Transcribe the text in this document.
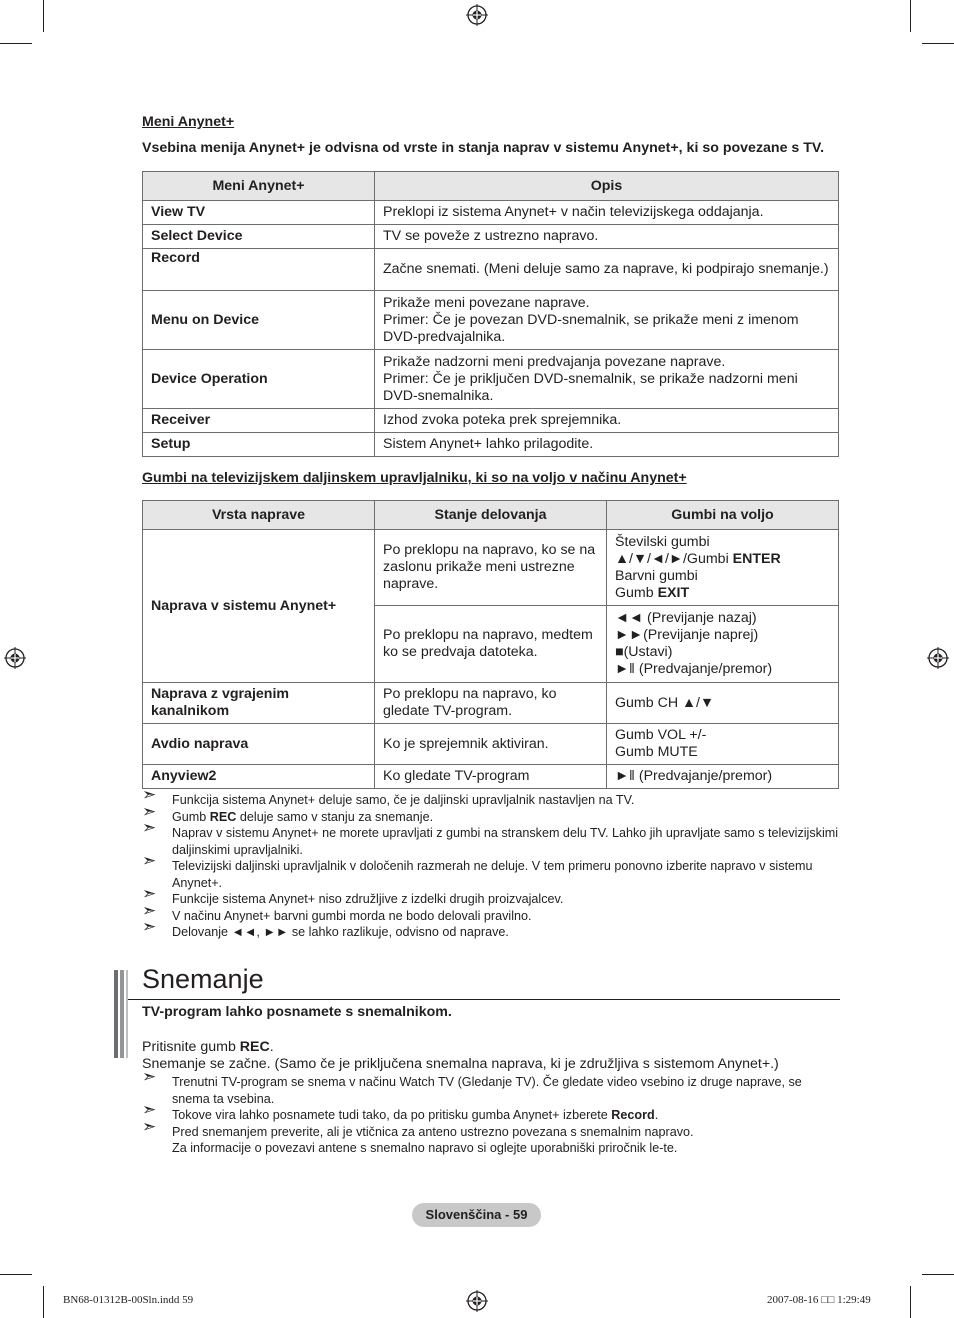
Meni Anynet+
Vsebina menija Anynet+ je odvisna od vrste in stanja naprav v sistemu Anynet+, ki so povezane s TV.
Meni Anynet+	Opis
View TV	Preklopi iz sistema Anynet+ v način televizijskega oddajanja.
Select Device	TV se poveže z ustrezno napravo.
Record	Začne snemati. (Meni deluje samo za naprave, ki podpirajo snemanje.)
Menu on Device	Prikaže meni povezane naprave.
Primer: Če je povezan DVD-snemalnik, se prikaže meni z imenom DVD-predvajalnika.

Device Operation	Prikaže nadzorni meni predvajanja povezane naprave.
Primer: Če je priključen DVD-snemalnik, se prikaže nadzorni meni DVD-snemalnika.

Receiver	Izhod zvoka poteka prek sprejemnika.
Setup	Sistem Anynet+ lahko prilagodite.
Gumbi na televizijskem daljinskem upravljalniku, ki so na voljo v načinu Anynet+
Vrsta naprave	Stanje delovanja	Gumbi na voljo
Naprava v sistemu Anynet+	Po preklopu na napravo, ko se na zaslonu prikaže meni ustrezne naprave.	Številski gumbi
▲/▼/◄/►/Gumbi ENTER
Barvni gumbi
Gumb EXIT

	Po preklopu na napravo, medtem ko se predvaja datoteka.	◄◄ (Previjanje nazaj)
►►(Previjanje naprej)
■(Ustavi)
►ǁ (Predvajanje/premor)

Naprava z vgrajenim kanalnikom	Po preklopu na napravo, ko gledate TV-program.	Gumb CH ▲/▼
Avdio naprava	Ko je sprejemnik aktiviran.	Gumb VOL +/-
Gumb MUTE

Anyview2	Ko gledate TV-program	►ǁ (Predvajanje/premor)
➣ Funkcija sistema Anynet+ deluje samo, če je daljinski upravljalnik nastavljen na TV.
➣ Gumb REC deluje samo v stanju za snemanje.
➣ Naprav v sistemu Anynet+ ne morete upravljati z gumbi na stranskem delu TV. Lahko jih upravljate samo s televizijskimi daljinskimi upravljalniki.
➣ Televizijski daljinski upravljalnik v določenih razmerah ne deluje. V tem primeru ponovno izberite napravo v sistemu Anynet+.
➣ Funkcije sistema Anynet+ niso združljive z izdelki drugih proizvajalcev.
➣ V načinu Anynet+ barvni gumbi morda ne bodo delovali pravilno.
➣ Delovanje ◄◄, ►► se lahko razlikuje, odvisno od naprave.
Snemanje
TV-program lahko posnamete s snemalnikom.
Pritisnite gumb REC.
Snemanje se začne. (Samo če je priključena snemalna naprava, ki je združljiva s sistemom Anynet+.)
➣ Trenutni TV-program se snema v načinu Watch TV (Gledanje TV). Če gledate video vsebino iz druge naprave, se snema ta vsebina.
➣ Tokove vira lahko posnamete tudi tako, da po pritisku gumba Anynet+ izberete Record.
➣ Pred snemanjem preverite, ali je vtičnica za anteno ustrezno povezana s snemalnim napravo.
Za informacije o povezavi antene s snemalno napravo si oglejte uporabniški priročnik le-te.
Slovenščina - 59
BN68-01312B-00Sln.indd 59	2007-08-16 □□ 1:29:49
